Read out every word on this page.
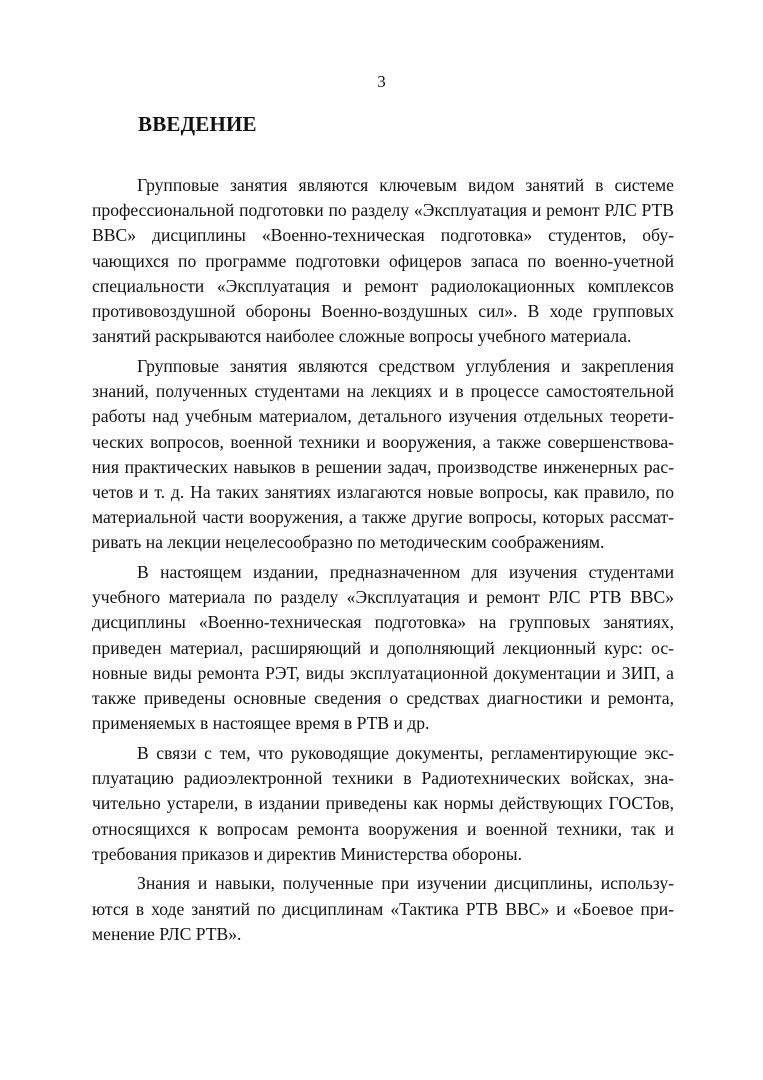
3
ВВЕДЕНИЕ

Групповые занятия являются ключевым видом занятий в системе профессиональной подготовки по разделу «Эксплуатация и ремонт РЛС РТВ ВВС» дисциплины «Военно-техническая подготовка» студентов, обучающихся по программе подготовки офицеров запаса по военно-учетной специальности «Эксплуатация и ремонт радиолокационных комплексов противовоздушной обороны Военно-воздушных сил». В ходе групповых занятий раскрываются наиболее сложные вопросы учебного материала.

Групповые занятия являются средством углубления и закрепления знаний, полученных студентами на лекциях и в процессе самостоятельной работы над учебным материалом, детального изучения отдельных теоретических вопросов, военной техники и вооружения, а также совершенствования практических навыков в решении задач, производстве инженерных расчетов и т. д. На таких занятиях излагаются новые вопросы, как правило, по материальной части вооружения, а также другие вопросы, которых рассматривать на лекции нецелесообразно по методическим соображениям.

В настоящем издании, предназначенном для изучения студентами учебного материала по разделу «Эксплуатация и ремонт РЛС РТВ ВВС» дисциплины «Военно-техническая подготовка» на групповых занятиях, приведен материал, расширяющий и дополняющий лекционный курс: основные виды ремонта РЭТ, виды эксплуатационной документации и ЗИП, а также приведены основные сведения о средствах диагностики и ремонта, применяемых в настоящее время в РТВ и др.

В связи с тем, что руководящие документы, регламентирующие эксплуатацию радиоэлектронной техники в Радиотехнических войсках, значительно устарели, в издании приведены как нормы действующих ГОСТов, относящихся к вопросам ремонта вооружения и военной техники, так и требования приказов и директив Министерства обороны.

Знания и навыки, полученные при изучении дисциплины, используются в ходе занятий по дисциплинам «Тактика РТВ ВВС» и «Боевое применение РЛС РТВ».
